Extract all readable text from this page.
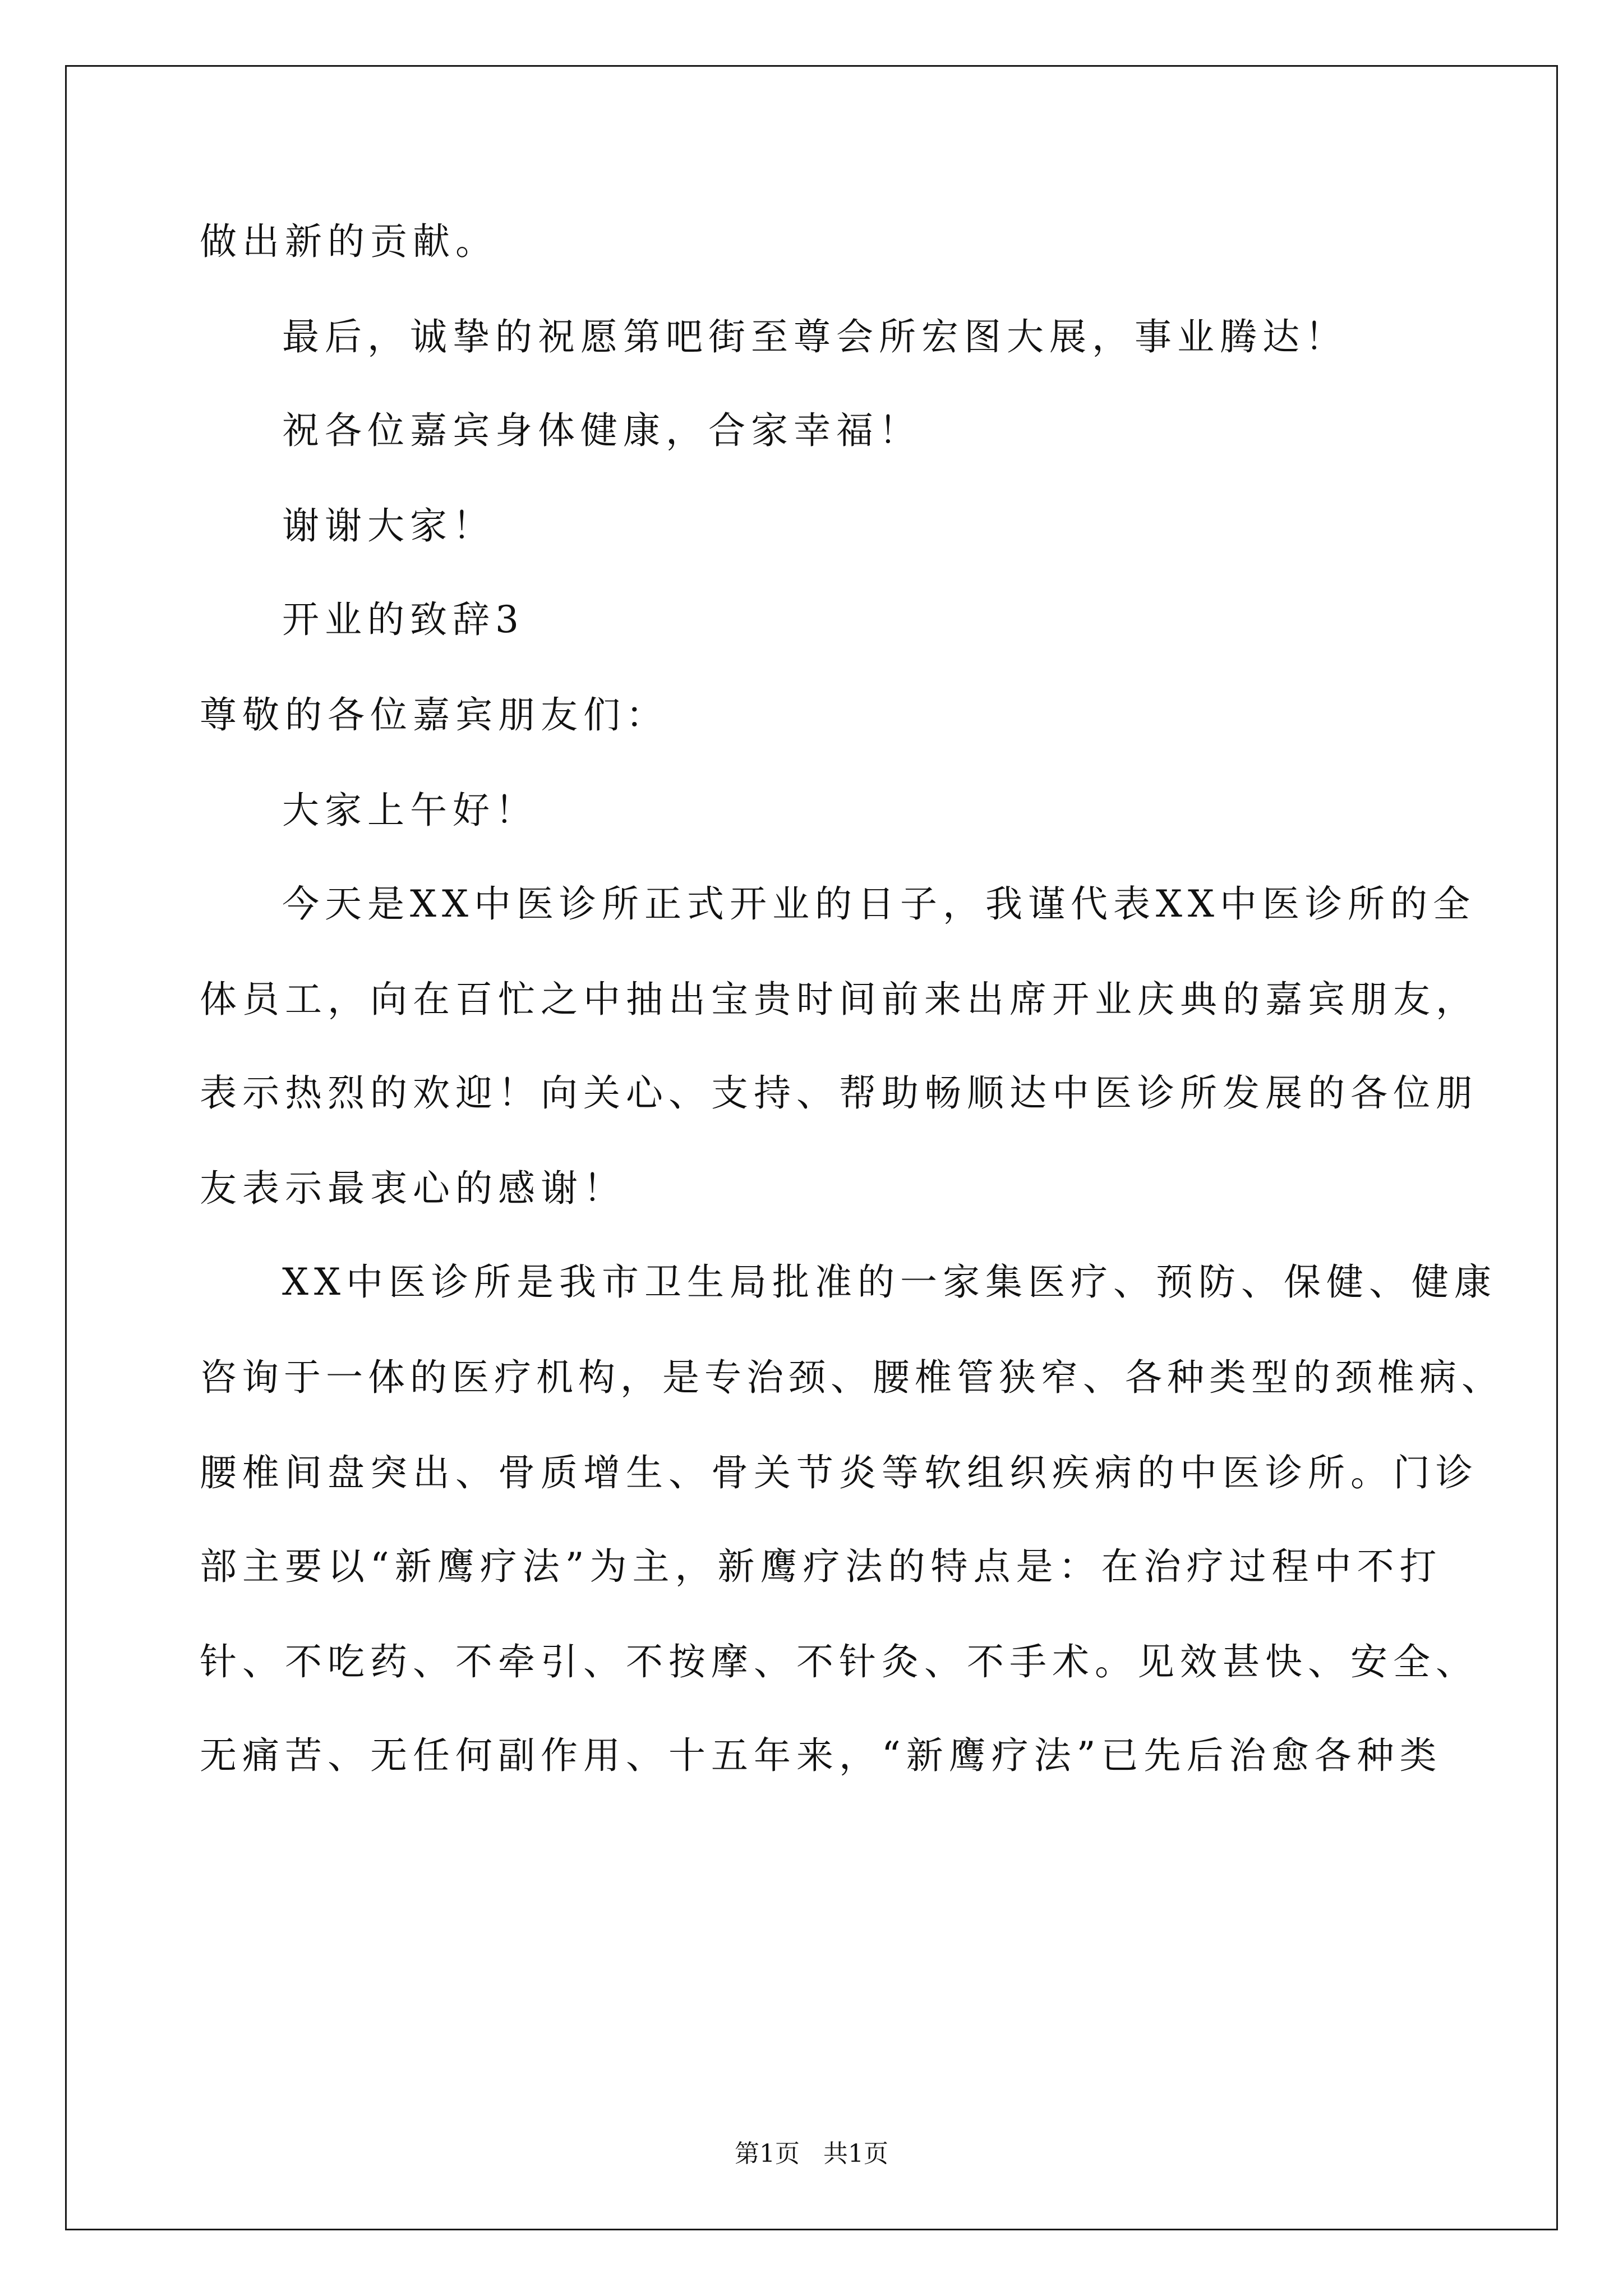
做出新的贡献。
最后，诚挚的祝愿第吧街至尊会所宏图大展，事业腾达！
祝各位嘉宾身体健康，合家幸福！
谢谢大家！
开业的致辞3
尊敬的各位嘉宾朋友们：
大家上午好！
今天是XX中医诊所正式开业的日子，我谨代表XX中医诊所的全
体员工，向在百忙之中抽出宝贵时间前来出席开业庆典的嘉宾朋友，
表示热烈的欢迎！向关心、支持、帮助畅顺达中医诊所发展的各位朋
友表示最衷心的感谢！
XX中医诊所是我市卫生局批准的一家集医疗、预防、保健、健康
咨询于一体的医疗机构，是专治颈、腰椎管狭窄、各种类型的颈椎病、
腰椎间盘突出、骨质增生、骨关节炎等软组织疾病的中医诊所。门诊
部主要以“新鹰疗法”为主，新鹰疗法的特点是：在治疗过程中不打
针、不吃药、不牵引、不按摩、不针灸、不手术。见效甚快、安全、
无痛苦、无任何副作用、十五年来，“新鹰疗法”已先后治愈各种类
第1页   共1页
